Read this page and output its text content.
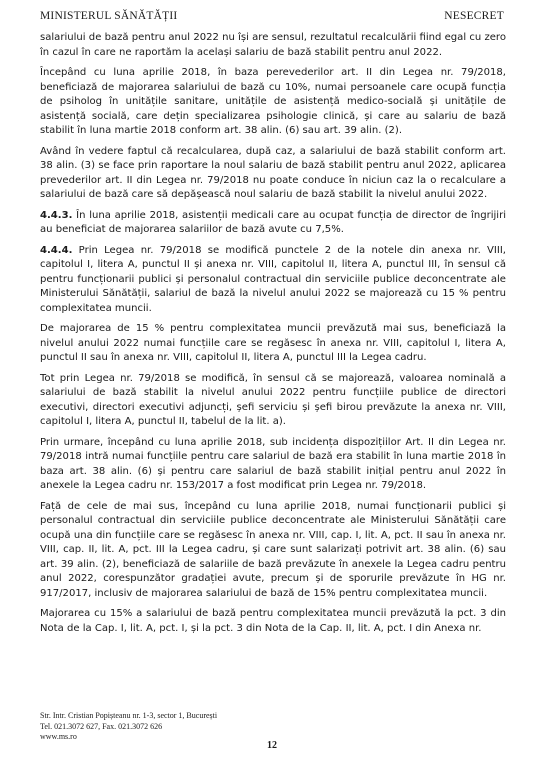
MINISTERUL SĂNĂTĂȚII	NESECRET

salariului de bază pentru anul 2022 nu își are sensul, rezultatul recalculării fiind egal cu zero în cazul în care ne raportăm la același salariu de bază stabilit pentru anul 2022.

Începând cu luna aprilie 2018, în baza perevederilor art. II din Legea nr. 79/2018, beneficiază de majorarea salariului de bază cu 10%, numai persoanele care ocupă funcția de psiholog în unitățile sanitare, unitățile de asistență medico-socială și unitățile de asistență socială, care dețin specializarea psihologie clinică, și care au salariu de bază stabilit în luna martie 2018 conform art. 38 alin. (6) sau art. 39 alin. (2).

Având în vedere faptul că recalcularea, după caz, a salariului de bază stabilit conform art. 38 alin. (3) se face prin raportare la noul salariu de bază stabilit pentru anul 2022, aplicarea prevederilor art. II din Legea nr. 79/2018 nu poate conduce în niciun caz la o recalculare a salariului de bază care să depășească noul salariu de bază stabilit la nivelul anului 2022.

4.4.3. În luna aprilie 2018, asistenții medicali care au ocupat funcția de director de îngrijiri au beneficiat de majorarea salariilor de bază avute cu 7,5%.

4.4.4. Prin Legea nr. 79/2018 se modifică punctele 2 de la notele din anexa nr. VIII, capitolul I, litera A, punctul II și anexa nr. VIII, capitolul II, litera A, punctul III, în sensul că pentru funcționarii publici și personalul contractual din serviciile publice deconcentrate ale Ministerului Sănătății, salariul de bază la nivelul anului 2022 se majorează cu 15 % pentru complexitatea muncii.

De majorarea de 15 % pentru complexitatea muncii prevăzută mai sus, beneficiază la nivelul anului 2022 numai funcțiile care se regăsesc în anexa nr. VIII, capitolul I, litera A, punctul II sau în anexa nr. VIII, capitolul II, litera A, punctul III la Legea cadru.

Tot prin Legea nr. 79/2018 se modifică, în sensul că se majorează, valoarea nominală a salariului de bază stabilit la nivelul anului 2022 pentru funcțiile publice de directori executivi, directori executivi adjuncți, șefi serviciu și șefi birou prevăzute la anexa nr. VIII, capitolul I, litera A, punctul II, tabelul de la lit. a).

Prin urmare, începând cu luna aprilie 2018, sub incidența dispozițiilor Art. II din Legea nr. 79/2018 intră numai funcțiile pentru care salariul de bază era stabilit în luna martie 2018 în baza art. 38 alin. (6) și pentru care salariul de bază stabilit inițial pentru anul 2022 în anexele la Legea cadru nr. 153/2017 a fost modificat prin Legea nr. 79/2018.

Față de cele de mai sus, începând cu luna aprilie 2018, numai funcționarii publici și personalul contractual din serviciile publice deconcentrate ale Ministerului Sănătății care ocupă una din funcțiile care se regăsesc în anexa nr. VIII, cap. I, lit. A, pct. II sau în anexa nr. VIII, cap. II, lit. A, pct. III la Legea cadru, și care sunt salarizați potrivit art. 38 alin. (6) sau art. 39 alin. (2), beneficiază de salariile de bază prevăzute în anexele la Legea cadru pentru anul 2022, corespunzător gradației avute, precum și de sporurile prevăzute în HG nr. 917/2017, inclusiv de majorarea salariului de bază de 15% pentru complexitatea muncii.

Majorarea cu 15% a salariului de bază pentru complexitatea muncii prevăzută la pct. 3 din Nota de la Cap. I, lit. A, pct. I, și la pct. 3 din Nota de la Cap. II, lit. A, pct. I din Anexa nr.

Str. Intr. Cristian Popișteanu nr. 1-3, sector 1, București
Tel. 021.3072 627, Fax. 021.3072 626
www.ms.ro
12
